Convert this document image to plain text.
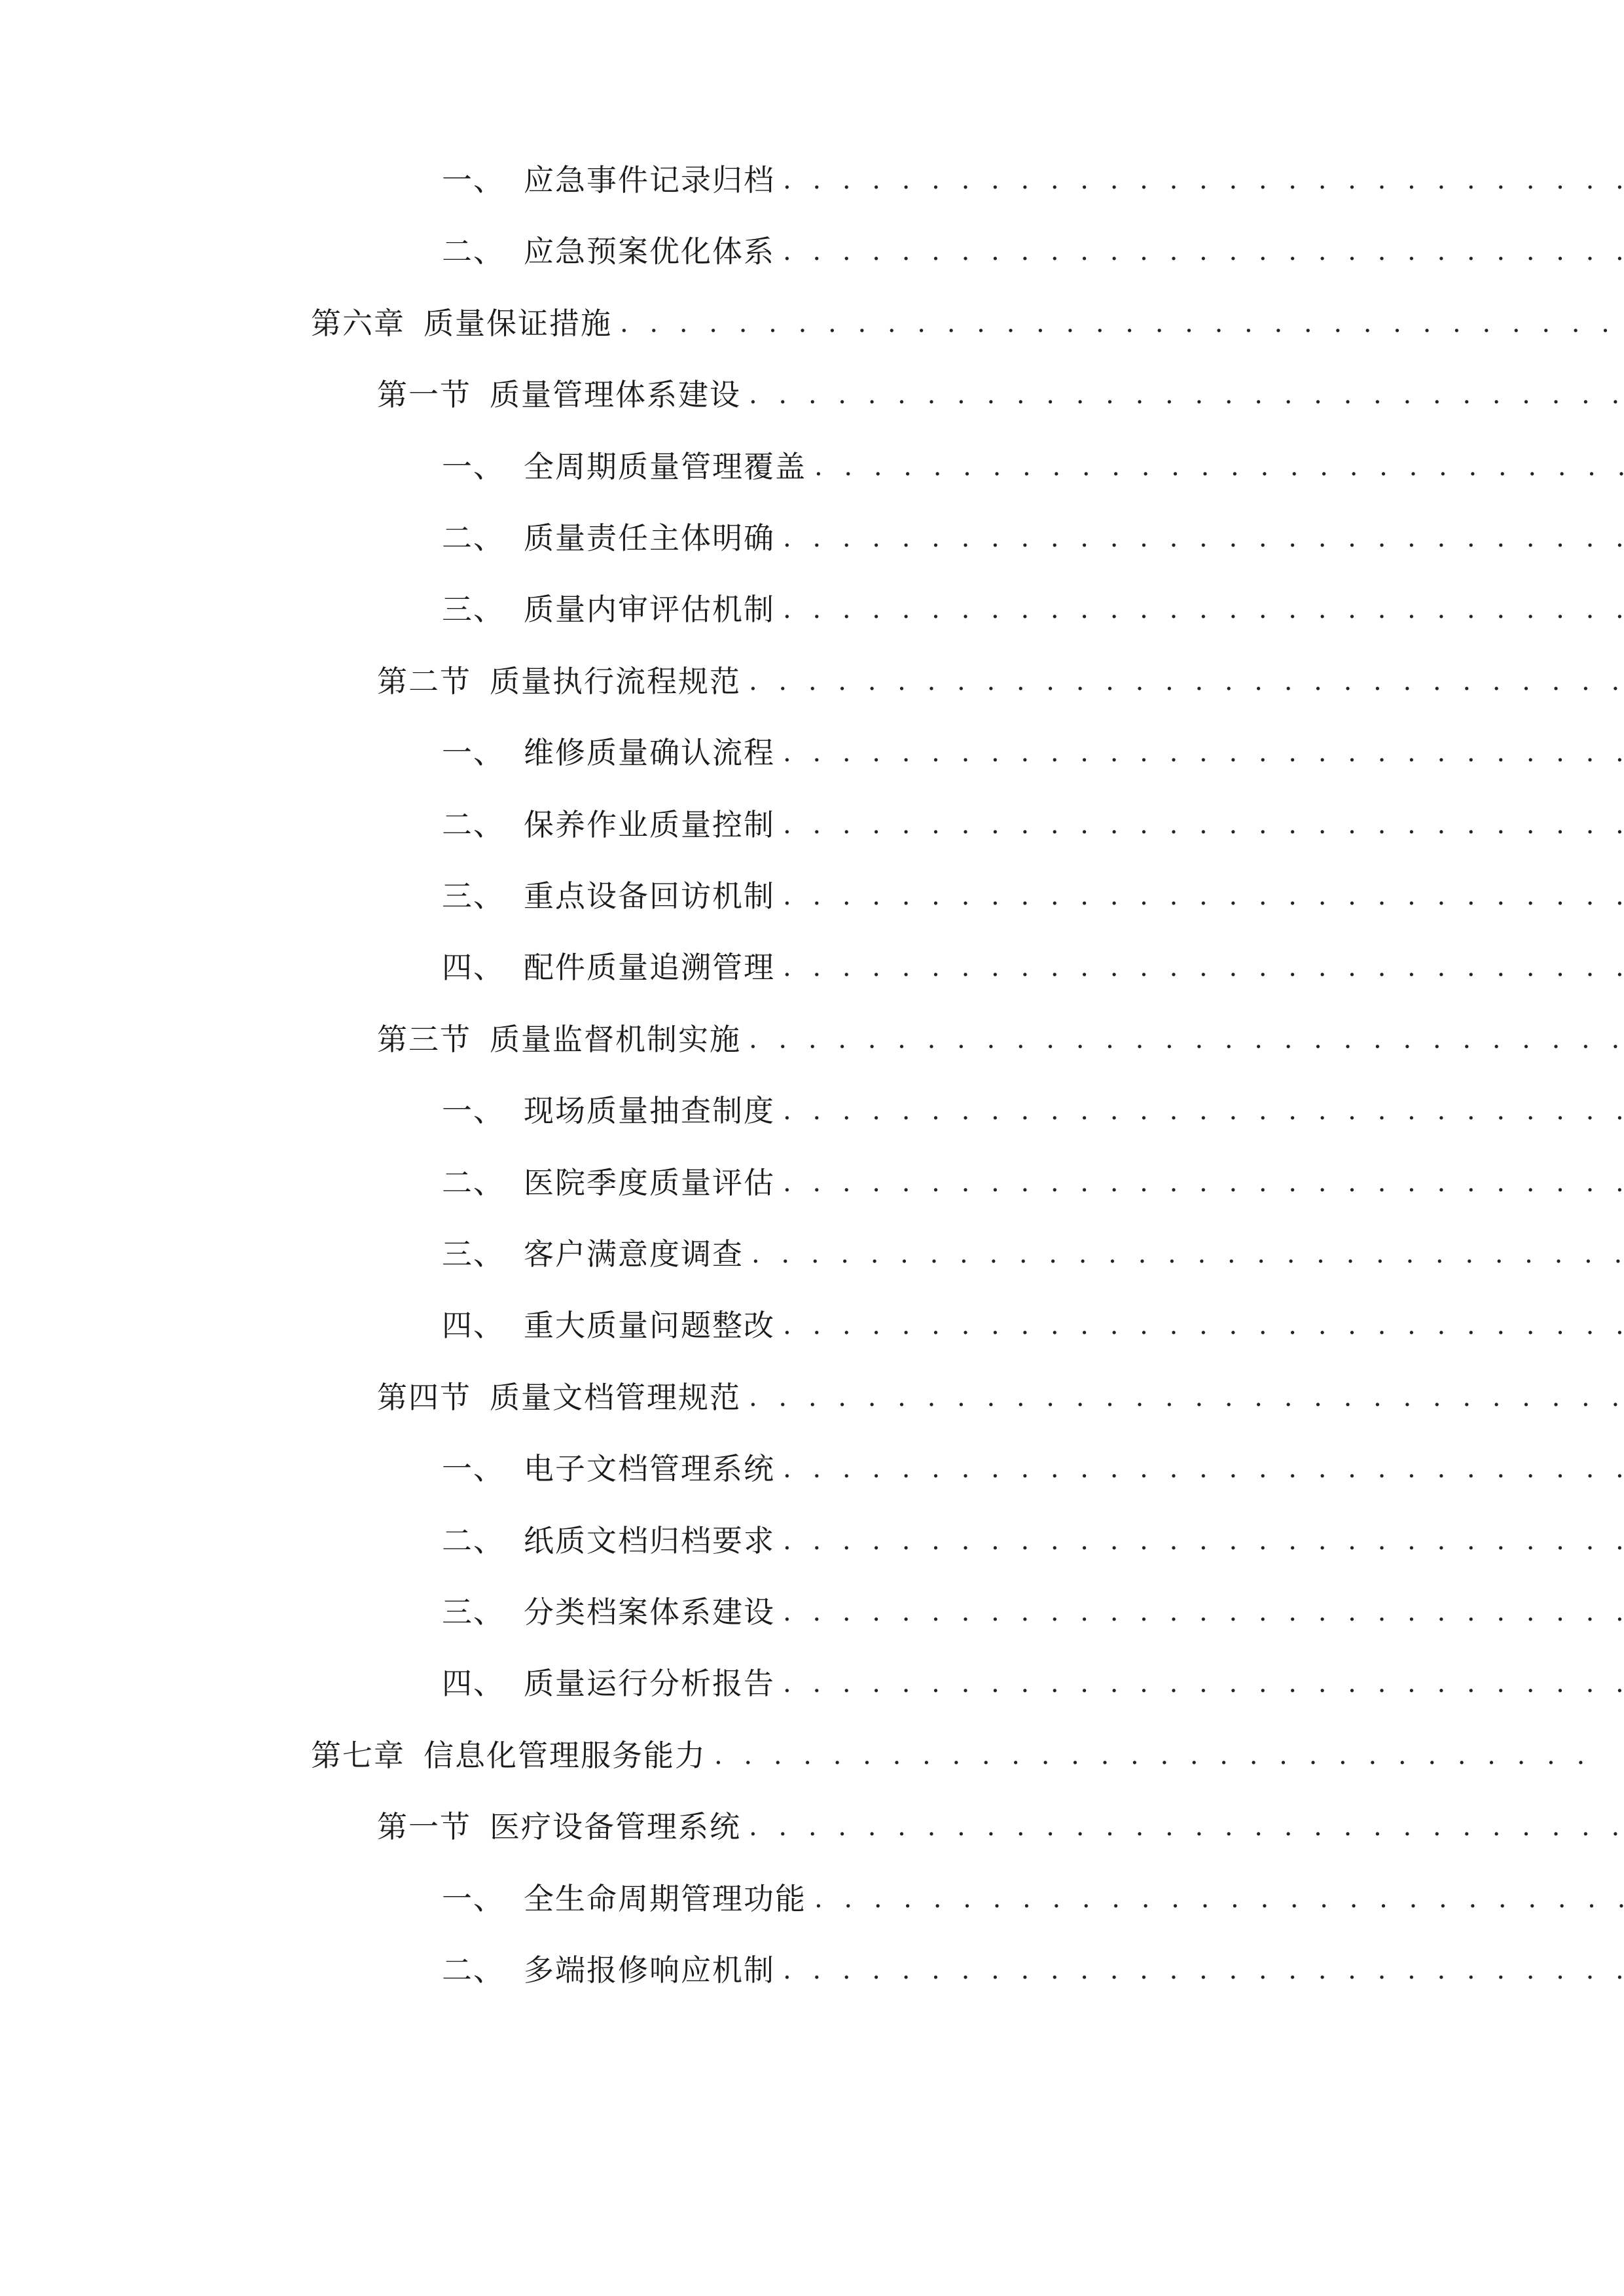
一、 应急事件记录归档
. . .
二、 应急预案优化体系
. . .
第六章 质量保证措施
. . .
第一节 质量管理体系建设
. . .
一、 全周期质量管理覆盖
. . .
二、 质量责任主体明确
. . .
三、 质量内审评估机制
. . .
第二节 质量执行流程规范
. . .
一、 维修质量确认流程
. . .
二、 保养作业质量控制
. . .
三、 重点设备回访机制
. . .
四、 配件质量追溯管理
. . .
第三节 质量监督机制实施
. . .
一、 现场质量抽查制度
. . .
二、 医院季度质量评估
. . .
三、 客户满意度调查
. . .
四、 重大质量问题整改
. . .
第四节 质量文档管理规范
. . .
一、 电子文档管理系统
. . .
二、 纸质文档归档要求
. . .
三、 分类档案体系建设
. . .
四、 质量运行分析报告
. . .
第七章 信息化管理服务能力
. . .
第一节 医疗设备管理系统
. . .
一、 全生命周期管理功能
. . .
二、 多端报修响应机制
. . .
